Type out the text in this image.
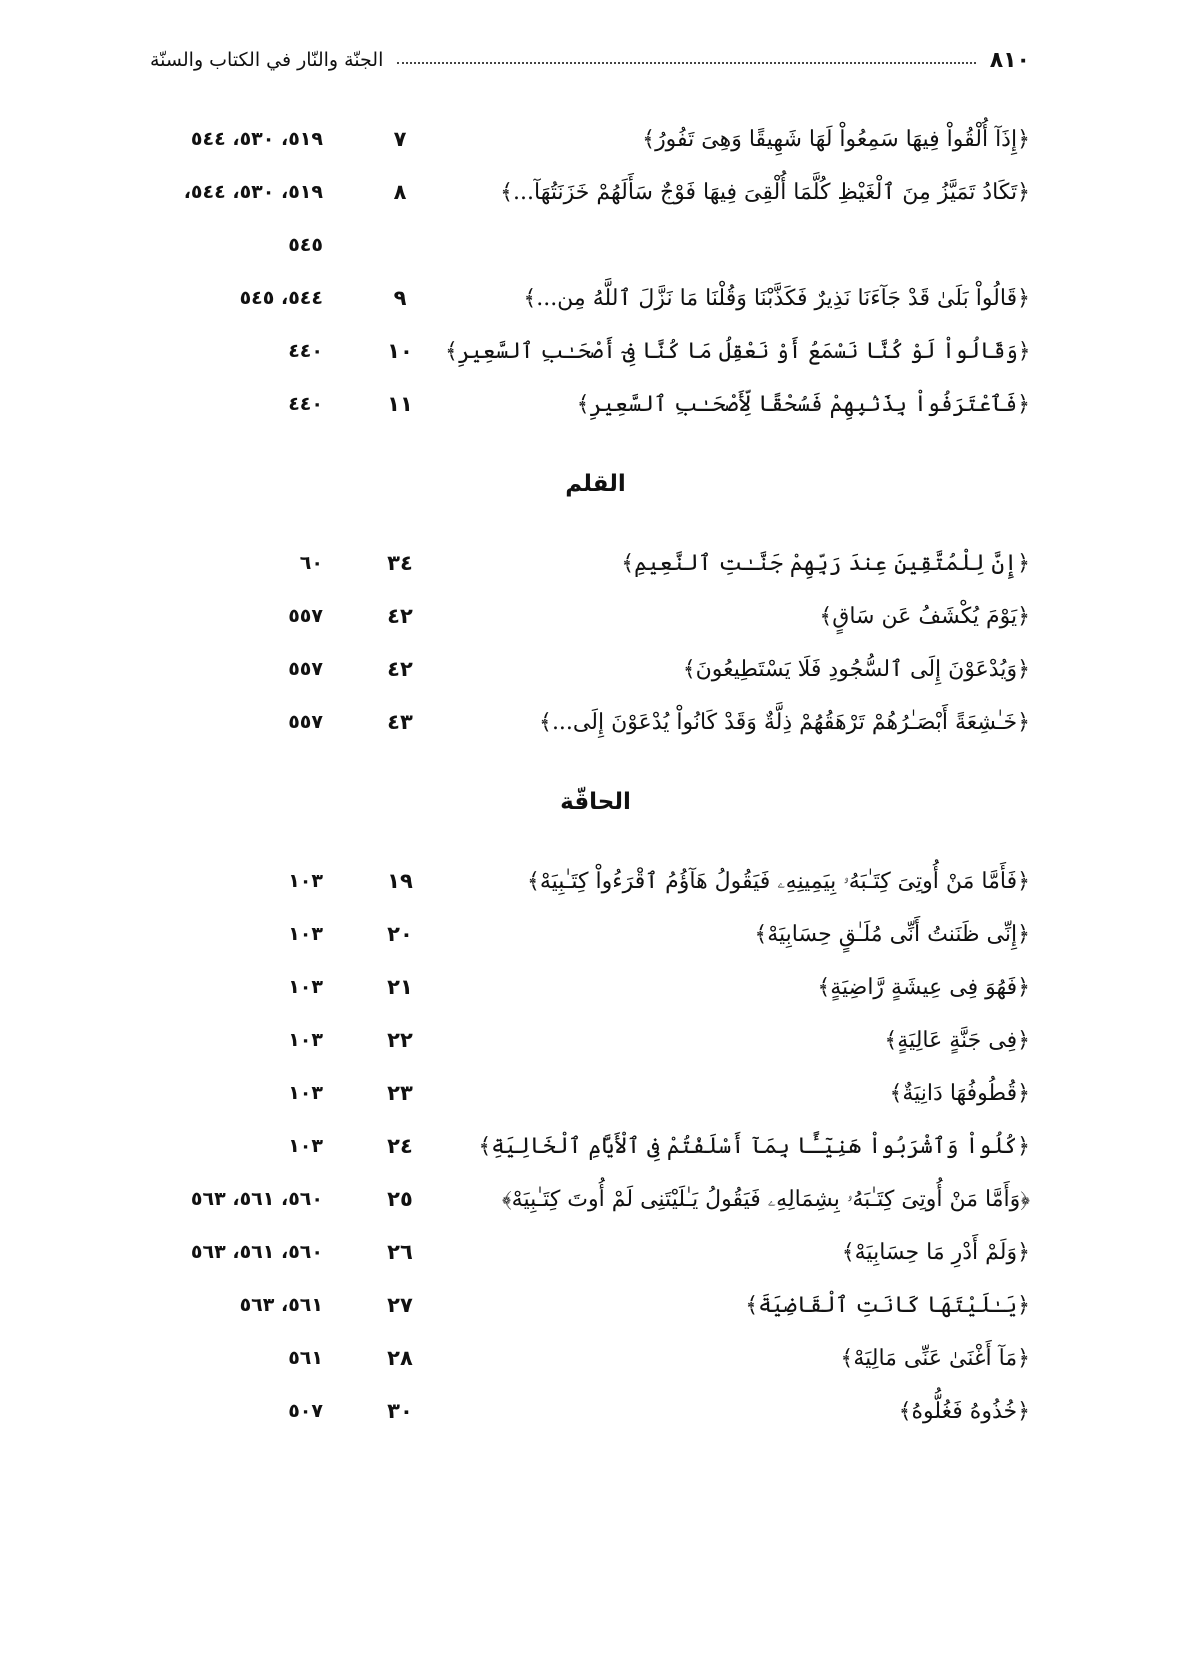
٨١٠
الجنّة والنّار في الكتاب والسنّة
﴿إِذَآ أُلْقُواْ فِيهَا سَمِعُواْ لَهَا شَهِيقًا وَهِىَ تَفُورُ﴾
٧
٥١٩، ٥٣٠، ٥٤٤
﴿تَكَادُ تَمَيَّزُ مِنَ ٱلْغَيْظِ كُلَّمَا أُلْقِىَ فِيهَا فَوْجٌ سَأَلَهُمْ خَزَنَتُهَآ...﴾
٨
٥١٩، ٥٣٠، ٥٤٤،
٥٤٥
﴿قَالُواْ بَلَىٰ قَدْ جَآءَنَا نَذِيرٌ فَكَذَّبْنَا وَقُلْنَا مَا نَزَّلَ ٱللَّهُ مِن...﴾
٩
٥٤٤، ٥٤٥
﴿وَقَالُواْ لَوْ كُنَّا نَسْمَعُ أَوْ نَعْقِلُ مَا كُنَّا فِىٓ أَصْحَـٰبِ ٱلسَّعِيرِ﴾
١٠
٤٤٠
﴿فَٱعْتَرَفُواْ بِذَنۢبِهِمْ فَسُحْقًا لِّأَصْحَـٰبِ ٱلسَّعِيرِ﴾
١١
٤٤٠
القلم
﴿إِنَّ لِلْمُتَّقِينَ عِندَ رَبِّهِمْ جَنَّـٰتِ ٱلنَّعِيمِ﴾
٣٤
٦٠
﴿يَوْمَ يُكْشَفُ عَن سَاقٍ﴾
٤٢
٥٥٧
﴿وَيُدْعَوْنَ إِلَى ٱلسُّجُودِ فَلَا يَسْتَطِيعُونَ﴾
٤٢
٥٥٧
﴿خَـٰشِعَةً أَبْصَـٰرُهُمْ تَرْهَقُهُمْ ذِلَّةٌ وَقَدْ كَانُواْ يُدْعَوْنَ إِلَى...﴾
٤٣
٥٥٧
الحاقّة
﴿فَأَمَّا مَنْ أُوتِىَ كِتَـٰبَهُۥ بِيَمِينِهِۦ فَيَقُولُ هَآؤُمُ ٱقْرَءُواْ كِتَـٰبِيَهْ﴾
١٩
١٠٣
﴿إِنِّى ظَنَنتُ أَنِّى مُلَـٰقٍ حِسَابِيَهْ﴾
٢٠
١٠٣
﴿فَهُوَ فِى عِيشَةٍ رَّاضِيَةٍ﴾
٢١
١٠٣
﴿فِى جَنَّةٍ عَالِيَةٍ﴾
٢٢
١٠٣
﴿قُطُوفُهَا دَانِيَةٌ﴾
٢٣
١٠٣
﴿كُلُواْ وَٱشْرَبُواْ هَنِيٓـًٔا بِمَآ أَسْلَفْتُمْ فِى ٱلْأَيَّامِ ٱلْخَالِيَةِ﴾
٢٤
١٠٣
﴿وَأَمَّا مَنْ أُوتِىَ كِتَـٰبَهُۥ بِشِمَالِهِۦ فَيَقُولُ يَـٰلَيْتَنِى لَمْ أُوتَ كِتَـٰبِيَهْ﴾
٢٥
٥٦٠، ٥٦١، ٥٦٣
﴿وَلَمْ أَدْرِ مَا حِسَابِيَهْ﴾
٢٦
٥٦٠، ٥٦١، ٥٦٣
﴿يَـٰلَيْتَهَا كَانَتِ ٱلْقَاضِيَةَ﴾
٢٧
٥٦١، ٥٦٣
﴿مَآ أَغْنَىٰ عَنِّى مَالِيَهْ﴾
٢٨
٥٦١
﴿خُذُوهُ فَغُلُّوهُ﴾
٣٠
٥٠٧
